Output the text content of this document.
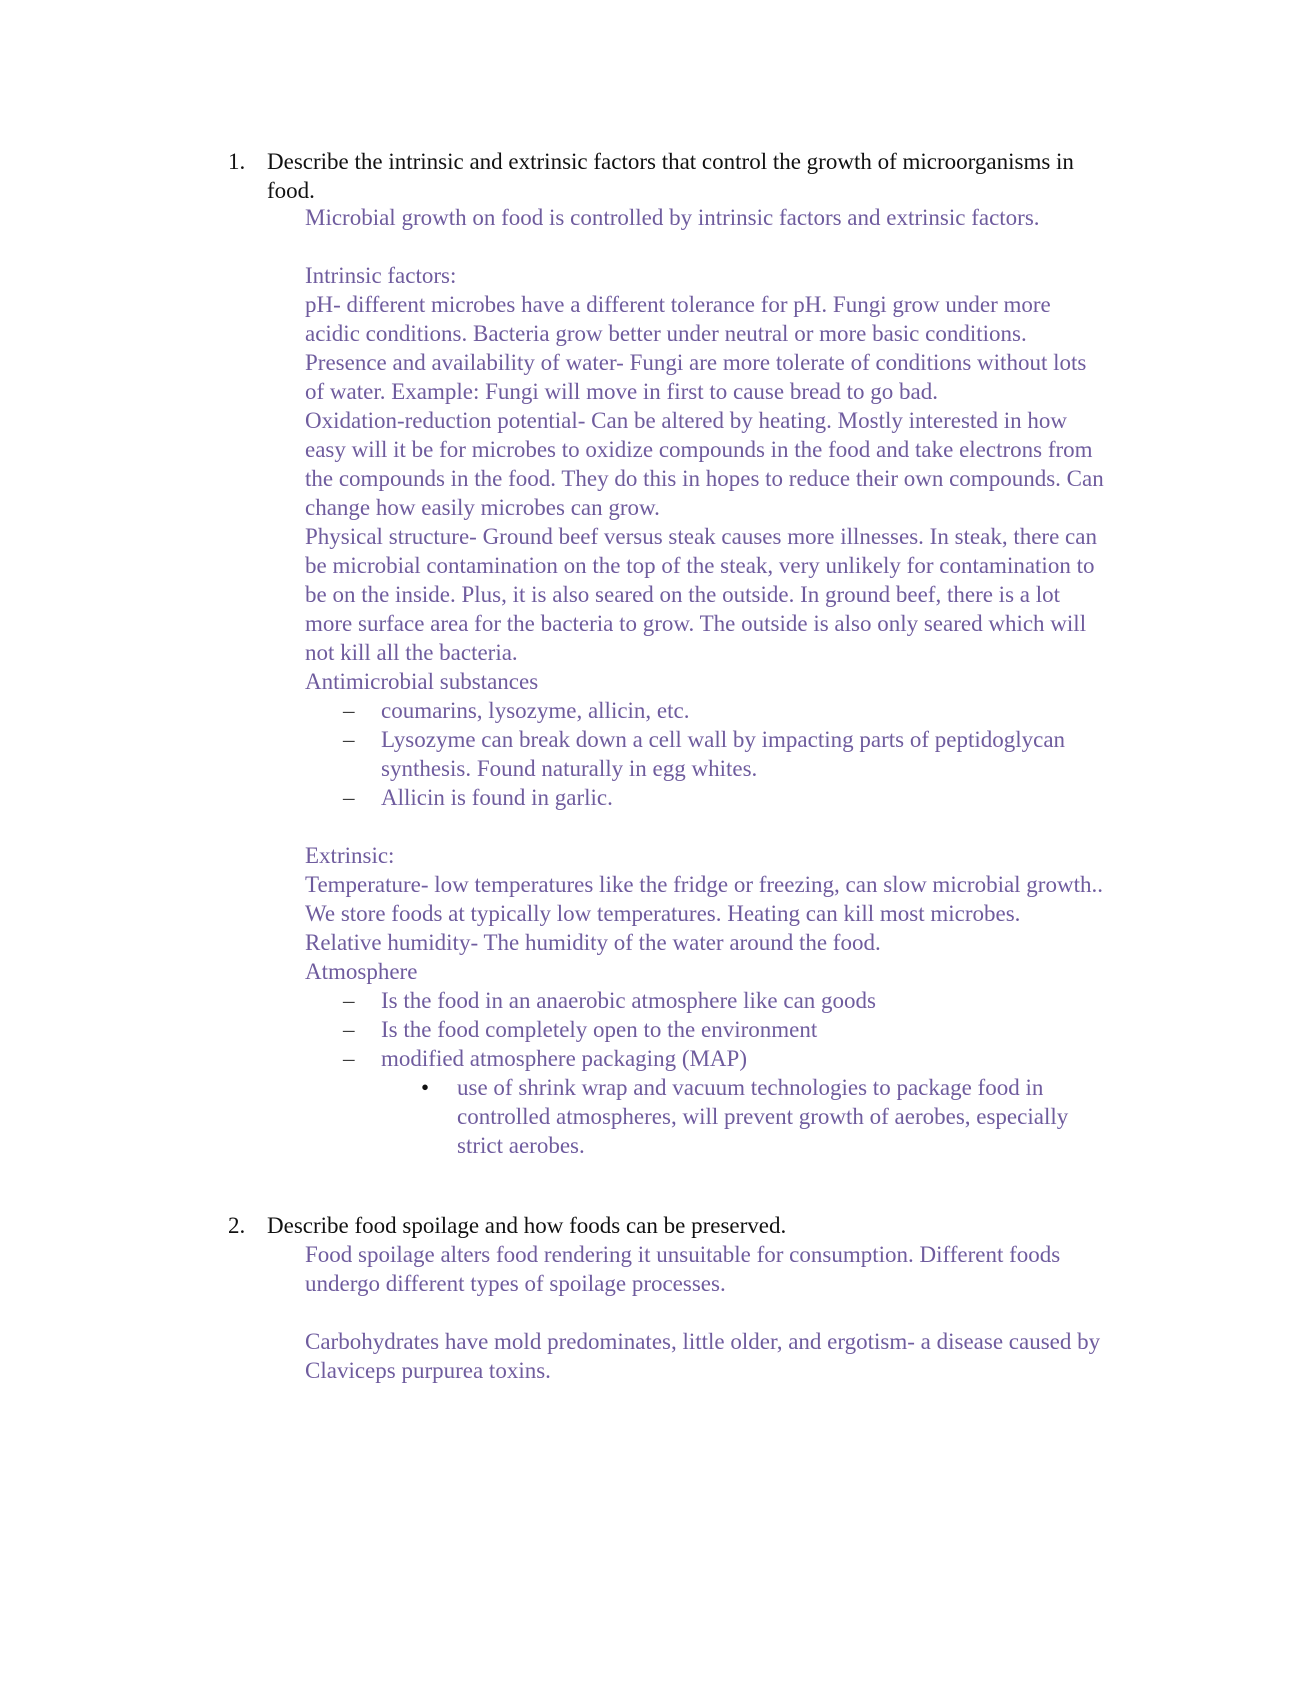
1. Describe the intrinsic and extrinsic factors that control the growth of microorganisms in food.

Microbial growth on food is controlled by intrinsic factors and extrinsic factors.

Intrinsic factors:

pH- different microbes have a different tolerance for pH. Fungi grow under more acidic conditions. Bacteria grow better under neutral or more basic conditions.

Presence and availability of water- Fungi are more tolerate of conditions without lots of water. Example: Fungi will move in first to cause bread to go bad.

Oxidation-reduction potential- Can be altered by heating. Mostly interested in how easy will it be for microbes to oxidize compounds in the food and take electrons from the compounds in the food. They do this in hopes to reduce their own compounds. Can change how easily microbes can grow.

Physical structure- Ground beef versus steak causes more illnesses. In steak, there can be microbial contamination on the top of the steak, very unlikely for contamination to be on the inside. Plus, it is also seared on the outside. In ground beef, there is a lot more surface area for the bacteria to grow. The outside is also only seared which will not kill all the bacteria.

Antimicrobial substances

– coumarins, lysozyme, allicin, etc.
– Lysozyme can break down a cell wall by impacting parts of peptidoglycan synthesis. Found naturally in egg whites.
– Allicin is found in garlic.

Extrinsic:

Temperature- low temperatures like the fridge or freezing, can slow microbial growth.. We store foods at typically low temperatures. Heating can kill most microbes.

Relative humidity- The humidity of the water around the food.

Atmosphere

– Is the food in an anaerobic atmosphere like can goods
– Is the food completely open to the environment
– modified atmosphere packaging (MAP)
• use of shrink wrap and vacuum technologies to package food in controlled atmospheres, will prevent growth of aerobes, especially strict aerobes.
2. Describe food spoilage and how foods can be preserved.

Food spoilage alters food rendering it unsuitable for consumption. Different foods undergo different types of spoilage processes.

Carbohydrates have mold predominates, little older, and ergotism- a disease caused by Claviceps purpurea toxins.
